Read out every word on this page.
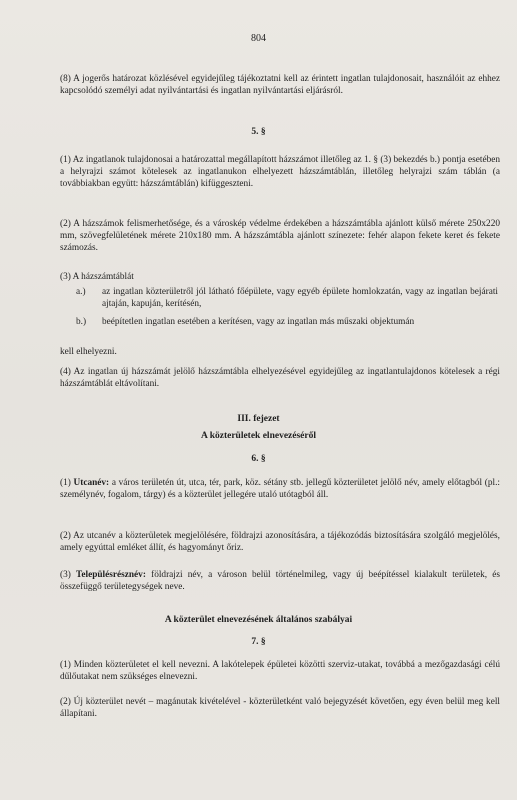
804

(8) A jogerős határozat közlésével egyidejűleg tájékoztatni kell az érintett ingatlan tulajdonosait, használóit az ehhez kapcsolódó személyi adat nyilvántartási és ingatlan nyilvántartási eljárásról.

5. §

(1) Az ingatlanok tulajdonosai a határozattal megállapított házszámot illetőleg az 1. § (3) bekezdés b.) pontja esetében a helyrajzi számot kötelesek az ingatlanukon elhelyezett házszámtáblán, illetőleg helyrajzi szám táblán (a továbbiakban együtt: házszámtáblán) kifüggeszteni.

(2) A házszámok felismerhetősége, és a városkép védelme érdekében a házszámtábla ajánlott külső mérete 250x220 mm, szövegfelületének mérete 210x180 mm. A házszámtábla ajánlott színezete: fehér alapon fekete keret és fekete számozás.

(3) A házszámtáblát

a.)	az ingatlan közterületről jól látható főépülete, vagy egyéb épülete homlokzatán, vagy az ingatlan bejárati ajtaján, kapuján, kerítésén,

b.)	beépítetlen ingatlan esetében a kerítésen, vagy az ingatlan más műszaki objektumán

kell elhelyezni.

(4) Az ingatlan új házszámát jelölő házszámtábla elhelyezésével egyidejűleg az ingatlantulajdonos kötelesek a régi házszámtáblát eltávolítani.

III. fejezet

A közterületek elnevezéséről

6. §

(1) Utcanév: a város területén út, utca, tér, park, köz. sétány stb. jellegű közterületet jelölő név, amely előtagból (pl.: személynév, fogalom, tárgy) és a közterület jellegére utaló utótagból áll.

(2) Az utcanév a közterületek megjelölésére, földrajzi azonosítására, a tájékozódás biztosítására szolgáló megjelölés, amely egyúttal emléket állít, és hagyományt őriz.

(3) Településrésznév: földrajzi név, a városon belül történelmileg, vagy új beépítéssel kialakult területek, és összefüggő területegységek neve.

A közterület elnevezésének általános szabályai

7. §

(1) Minden közterületet el kell nevezni. A lakótelepek épületei közötti szerviz-utakat, továbbá a mezőgazdasági célú dűlőutakat nem szükséges elnevezni.

(2) Új közterület nevét – magánutak kivételével - közterületként való bejegyzését követően, egy éven belül meg kell állapítani.
